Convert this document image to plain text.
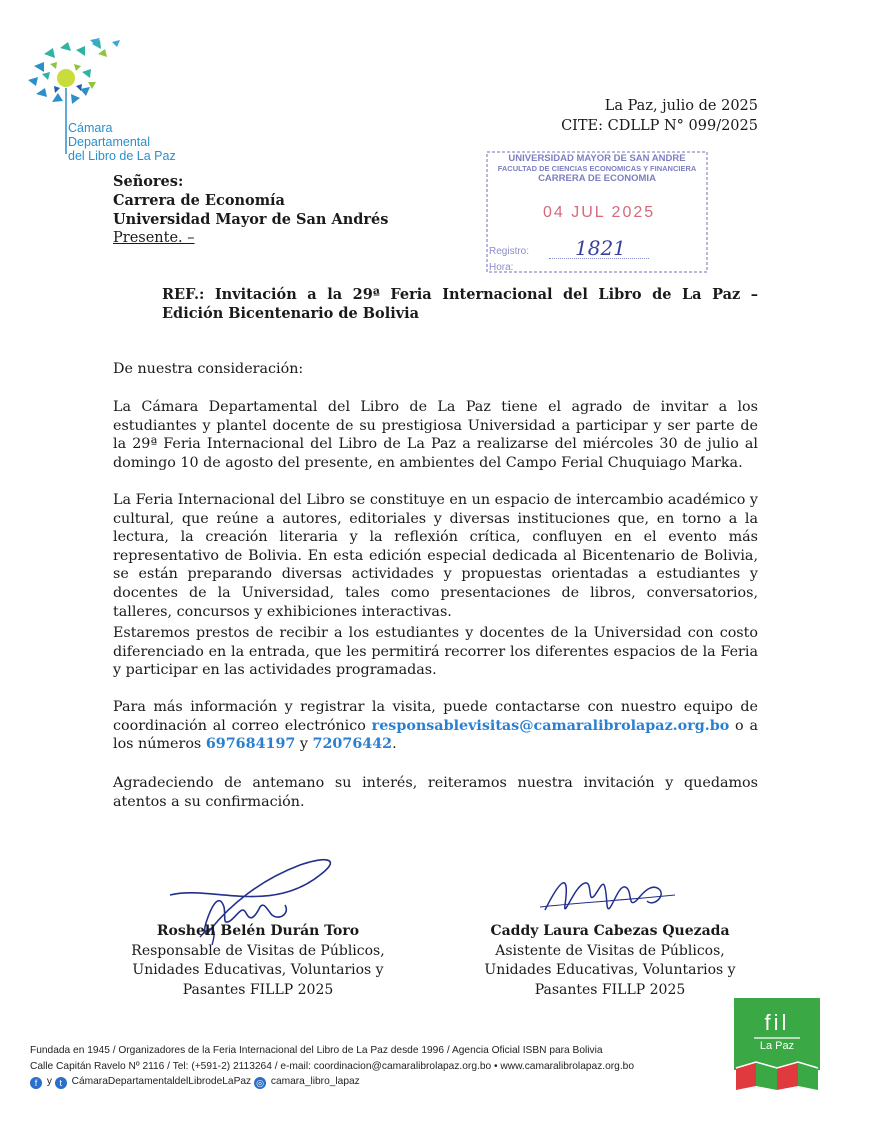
Cámara
Departamental
del Libro de La Paz
La Paz, julio de 2025
CITE: CDLLP N° 099/2025
UNIVERSIDAD MAYOR DE SAN ANDRE
FACULTAD DE CIENCIAS ECONOMICAS Y FINANCIERA
CARRERA DE ECONOMIA
04 JUL 2025
Registro: 1821
Hora:
Señores:
Carrera de Economía
Universidad Mayor de San Andrés
Presente. –
REF.: Invitación a la 29ª Feria Internacional del Libro de La Paz – Edición Bicentenario de Bolivia
De nuestra consideración:
La Cámara Departamental del Libro de La Paz tiene el agrado de invitar a los estudiantes y plantel docente de su prestigiosa Universidad a participar y ser parte de la 29ª Feria Internacional del Libro de La Paz a realizarse del miércoles 30 de julio al domingo 10 de agosto del presente, en ambientes del Campo Ferial Chuquiago Marka.
La Feria Internacional del Libro se constituye en un espacio de intercambio académico y cultural, que reúne a autores, editoriales y diversas instituciones que, en torno a la lectura, la creación literaria y la reflexión crítica, confluyen en el evento más representativo de Bolivia. En esta edición especial dedicada al Bicentenario de Bolivia, se están preparando diversas actividades y propuestas orientadas a estudiantes y docentes de la Universidad, tales como presentaciones de libros, conversatorios, talleres, concursos y exhibiciones interactivas.
Estaremos prestos de recibir a los estudiantes y docentes de la Universidad con costo diferenciado en la entrada, que les permitirá recorrer los diferentes espacios de la Feria y participar en las actividades programadas.
Para más información y registrar la visita, puede contactarse con nuestro equipo de coordinación al correo electrónico responsablevisitas@camaralibrolapaz.org.bo o a los números 697684197 y 72076442.
Agradeciendo de antemano su interés, reiteramos nuestra invitación y quedamos atentos a su confirmación.
Roshell Belén Durán Toro
Responsable de Visitas de Públicos,
Unidades Educativas, Voluntarios y
Pasantes FILLP 2025
Caddy Laura Cabezas Quezada
Asistente de Visitas de Públicos,
Unidades Educativas, Voluntarios y
Pasantes FILLP 2025
Fundada en 1945 / Organizadores de la Feria Internacional del Libro de La Paz desde 1996 / Agencia Oficial ISBN para Bolivia
Calle Capitán Ravelo Nº 2116 / Tel: (+591-2) 2113264 / e-mail: coordinacion@camaralibrolapaz.org.bo • www.camaralibrolapaz.org.bo
f y t CámaraDepartamentaldelLibrodeLaPaz ◎ camara_libro_lapaz
fil
La Paz
